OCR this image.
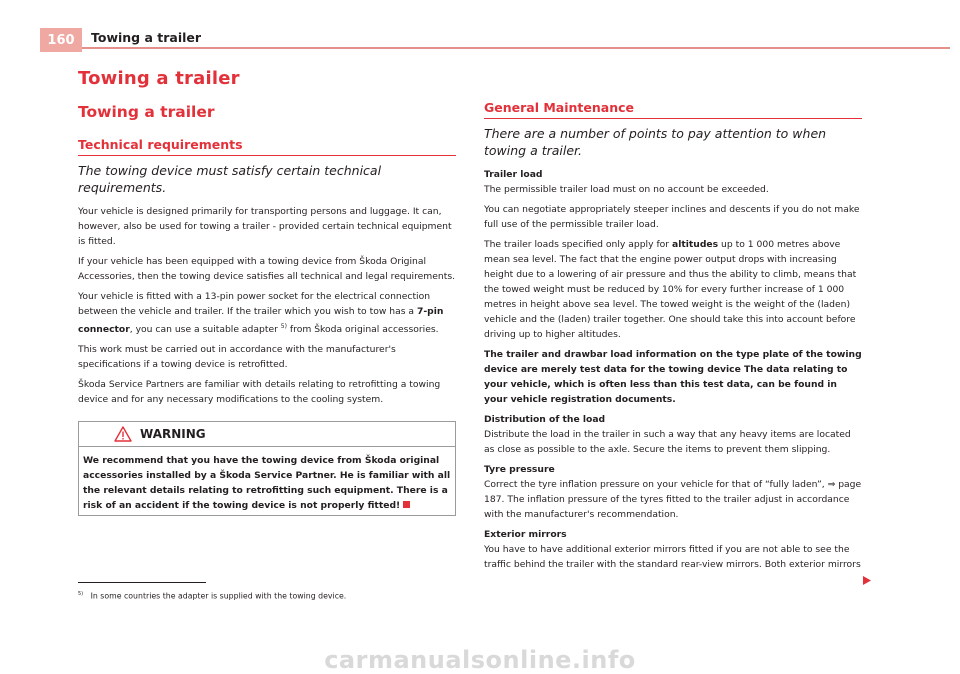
160	Towing a trailer
Towing a trailer
Towing a trailer
Technical requirements
The towing device must satisfy certain technical requirements.

Your vehicle is designed primarily for transporting persons and luggage. It can, however, also be used for towing a trailer - provided certain technical equipment is fitted.

If your vehicle has been equipped with a towing device from Škoda Original Accessories, then the towing device satisfies all technical and legal requirements.

Your vehicle is fitted with a 13-pin power socket for the electrical connection between the vehicle and trailer. If the trailer which you wish to tow has a 7-pin connector, you can use a suitable adapter $^{5)}$ from Škoda original accessories.

This work must be carried out in accordance with the manufacturer's specifications if a towing device is retrofitted.

Škoda Service Partners are familiar with details relating to retrofitting a towing device and for any necessary modifications to the cooling system.

WARNING

We recommend that you have the towing device from Škoda original accessories installed by a Škoda Service Partner. He is familiar with all the relevant details relating to retrofitting such equipment. There is a risk of an accident if the towing device is not properly fitted!

General Maintenance
There are a number of points to pay attention to when towing a trailer.
Trailer load

The permissible trailer load must on no account be exceeded.

You can negotiate appropriately steeper inclines and descents if you do not make full use of the permissible trailer load.

The trailer loads specified only apply for altitudes up to 1 000 metres above mean sea level. The fact that the engine power output drops with increasing height due to a lowering of air pressure and thus the ability to climb, means that the towed weight must be reduced by 10% for every further increase of 1 000 metres in height above sea level. The towed weight is the weight of the (laden) vehicle and the (laden) trailer together. One should take this into account before driving up to higher altitudes.

The trailer and drawbar load information on the type plate of the towing device are merely test data for the towing device The data relating to your vehicle, which is often less than this test data, can be found in your vehicle registration documents.

Distribution of the load

Distribute the load in the trailer in such a way that any heavy items are located as close as possible to the axle. Secure the items to prevent them slipping.

Tyre pressure

Correct the tyre inflation pressure on your vehicle for that of “fully laden”, ⇒ page 187. The inflation pressure of the tyres fitted to the trailer adjust in accordance with the manufacturer's recommendation.

Exterior mirrors

You have to have additional exterior mirrors fitted if you are not able to see the traffic behind the trailer with the standard rear-view mirrors. Both exterior mirrors

$^{5)}$ In some countries the adapter is supplied with the towing device.
carmanualsonline.info
